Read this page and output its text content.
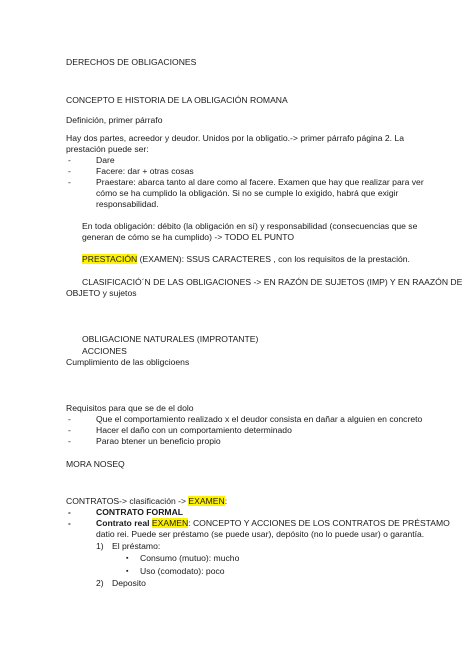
DERECHOS DE OBLIGACIONES
CONCEPTO E HISTORIA DE LA OBLIGACIÓN ROMANA
Definición, primer párrafo
Hay dos partes, acreedor y deudor. Unidos por la obligatio.-> primer párrafo página 2. La
prestación puede ser:
-	Dare
-	Facere: dar + otras cosas
-	Praestare: abarca tanto al dare como al facere. Examen que hay que realizar para ver
cómo se ha cumplido la obligación. Si no se cumple lo exigido, habrá que exigir
responsabilidad.
En toda obligación: débito (la obligación en sí) y responsabilidad (consecuencias que se
generan de cómo se ha cumplido) -> TODO EL PUNTO
PRESTACIÓN (EXAMEN): SSUS CARACTERES , con los requisitos de la prestación.
CLASIFICACIÓ´N DE LAS OBLIGACIONES -> EN RAZÓN DE SUJETOS (IMP) Y EN RAAZÓN DE
OBJETO y sujetos
OBLIGACIONE NATURALES (IMPROTANTE)
ACCIONES
Cumplimiento de las obligcioens
Requisitos para que se de el dolo
-	Que el comportamiento realizado x el deudor consista en dañar a alguien en concreto
-	Hacer el daño con un comportamiento determinado
-	Parao btener un beneficio propio
MORA NOSEQ
CONTRATOS-> clasificación -> EXAMEN:
-	CONTRATO FORMAL
-	Contrato real EXAMEN: CONCEPTO Y ACCIONES DE LOS CONTRATOS DE PRÉSTAMO
datio rei. Puede ser préstamo (se puede usar), depósito (no lo puede usar) o garantía.
1) El préstamo:
▪ Consumo (mutuo): mucho
▪ Uso (comodato): poco
2) Deposito
